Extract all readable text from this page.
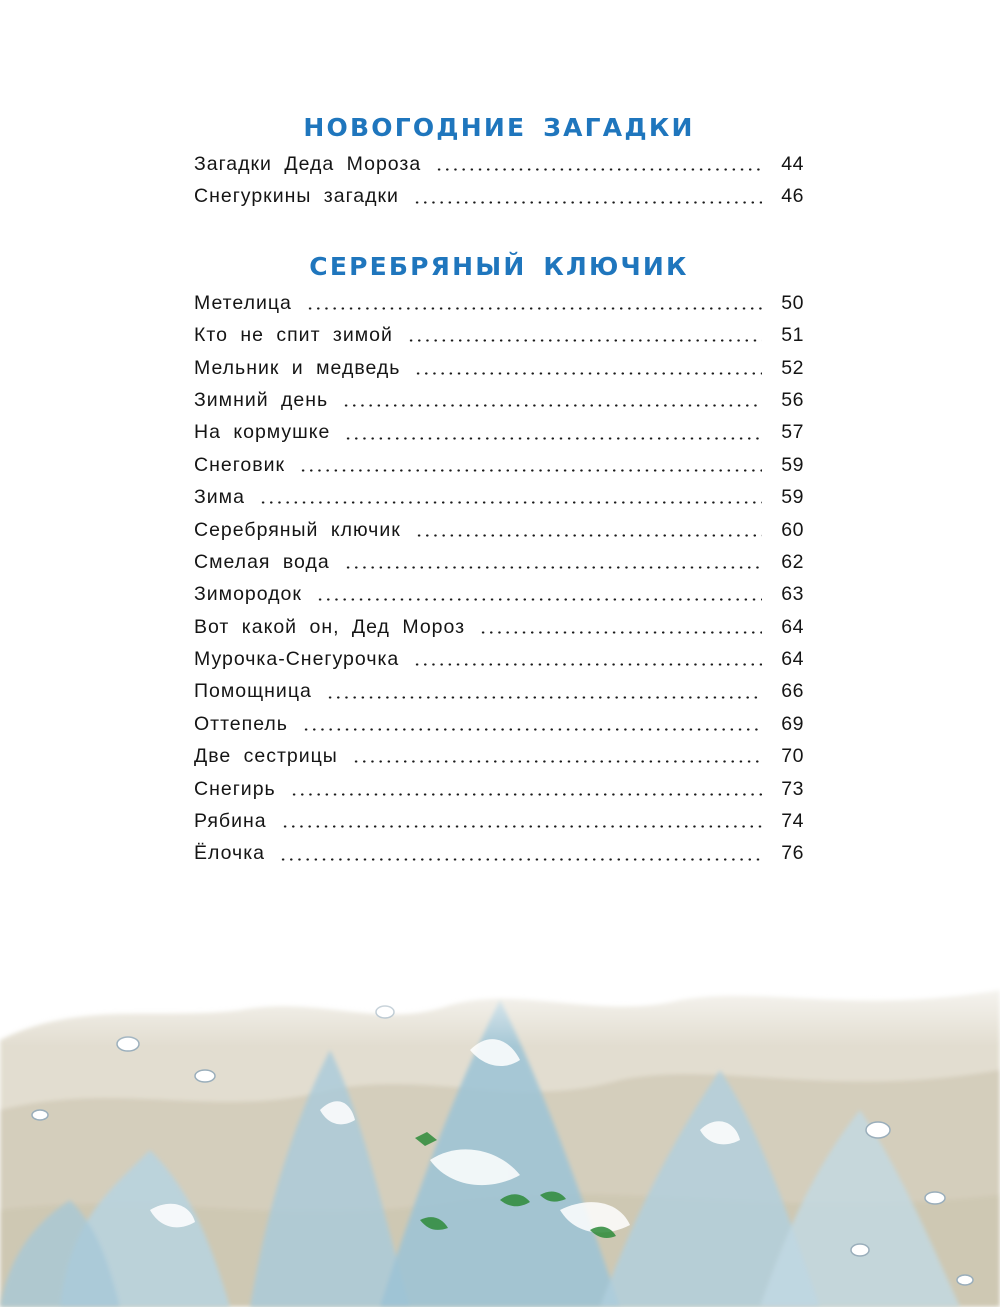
НОВОГОДНИЕ ЗАГАДКИ
Загадки Деда Мороза	44
Снегуркины загадки	46
СЕРЕБРЯНЫЙ КЛЮЧИК
Метелица	50
Кто не спит зимой	51
Мельник и медведь	52
Зимний день	56
На кормушке	57
Снеговик	59
Зима	59
Серебряный ключик	60
Смелая вода	62
Зимородок	63
Вот какой он, Дед Мороз	64
Мурочка-Снегурочка	64
Помощница	66
Оттепель	69
Две сестрицы	70
Снегирь	73
Рябина	74
Ёлочка	76
